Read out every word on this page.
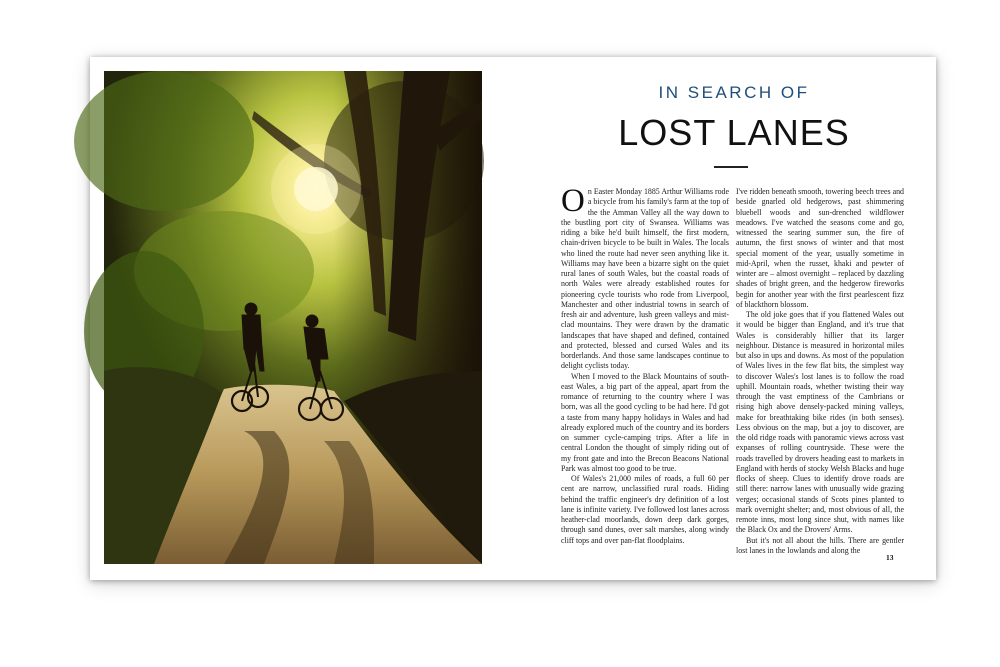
IN SEARCH OF
LOST LANES

On Easter Monday 1885 Arthur Williams rode a bicycle from his family's farm at the top of the the Amman Valley all the way down to the bustling port city of Swansea. Williams was riding a bike he'd built himself, the first modern, chain-driven bicycle to be built in Wales. The locals who lined the route had never seen anything like it. Williams may have been a bizarre sight on the quiet rural lanes of south Wales, but the coastal roads of north Wales were already established routes for pioneering cycle tourists who rode from Liverpool, Manchester and other industrial towns in search of fresh air and adventure, lush green valleys and mist-clad mountains. They were drawn by the dramatic landscapes that have shaped and defined, contained and protected, blessed and cursed Wales and its borderlands. And those same landscapes continue to delight cyclists today.

When I moved to the Black Mountains of south-east Wales, a big part of the appeal, apart from the romance of returning to the country where I was born, was all the good cycling to be had here. I'd got a taste from many happy holidays in Wales and had already explored much of the country and its borders on summer cycle-camping trips. After a life in central London the thought of simply riding out of my front gate and into the Brecon Beacons National Park was almost too good to be true.

Of Wales's 21,000 miles of roads, a full 60 per cent are narrow, unclassified rural roads. Hiding behind the traffic engineer's dry definition of a lost lane is infinite variety. I've followed lost lanes across heather-clad moorlands, down deep dark gorges, through sand dunes, over salt marshes, along windy cliff tops and over pan-flat floodplains.

I've ridden beneath smooth, towering beech trees and beside gnarled old hedgerows, past shimmering bluebell woods and sun-drenched wildflower meadows. I've watched the seasons come and go, witnessed the searing summer sun, the fire of autumn, the first snows of winter and that most special moment of the year, usually sometime in mid-April, when the russet, khaki and pewter of winter are – almost overnight – replaced by dazzling shades of bright green, and the hedgerow fireworks begin for another year with the first pearlescent fizz of blackthorn blossom.

The old joke goes that if you flattened Wales out it would be bigger than England, and it's true that Wales is considerably hillier that its larger neighbour. Distance is measured in horizontal miles but also in ups and downs. As most of the population of Wales lives in the few flat bits, the simplest way to discover Wales's lost lanes is to follow the road uphill. Mountain roads, whether twisting their way through the vast emptiness of the Cambrians or rising high above densely-packed mining valleys, make for breathtaking bike rides (in both senses). Less obvious on the map, but a joy to discover, are the old ridge roads with panoramic views across vast expanses of rolling countryside. These were the roads travelled by drovers heading east to markets in England with herds of stocky Welsh Blacks and huge flocks of sheep. Clues to identify drove roads are still there: narrow lanes with unusually wide grazing verges; occasional stands of Scots pines planted to mark overnight shelter; and, most obvious of all, the remote inns, most long since shut, with names like the Black Ox and the Drovers' Arms.

But it's not all about the hills. There are gentler lost lanes in the lowlands and along the

13
